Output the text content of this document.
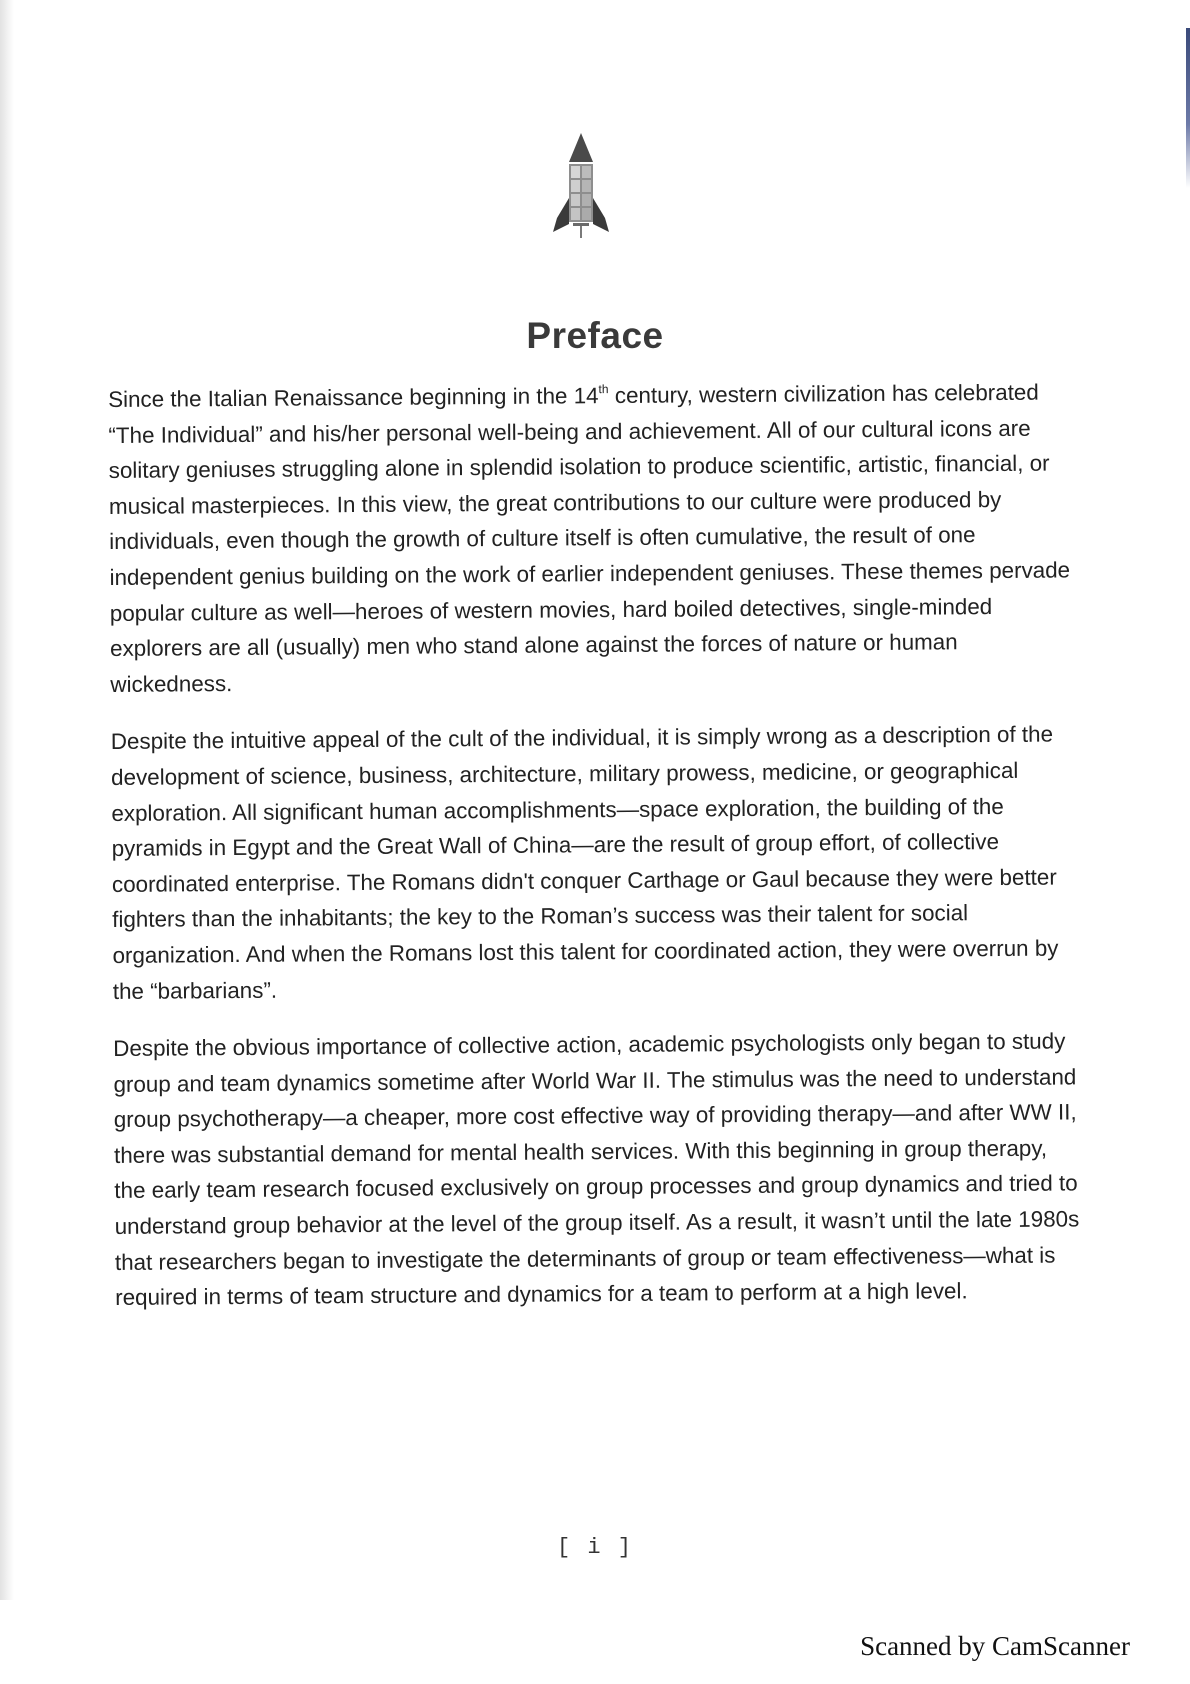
Preface

Since the Italian Renaissance beginning in the 14th century, western civilization has celebrated “The Individual” and his/her personal well-being and achievement. All of our cultural icons are solitary geniuses struggling alone in splendid isolation to produce scientific, artistic, financial, or musical masterpieces. In this view, the great contributions to our culture were produced by individuals, even though the growth of culture itself is often cumulative, the result of one independent genius building on the work of earlier independent geniuses. These themes pervade popular culture as well—heroes of western movies, hard boiled detectives, single-minded explorers are all (usually) men who stand alone against the forces of nature or human wickedness.

Despite the intuitive appeal of the cult of the individual, it is simply wrong as a description of the development of science, business, architecture, military prowess, medicine, or geographical exploration. All significant human accomplishments—space exploration, the building of the pyramids in Egypt and the Great Wall of China—are the result of group effort, of collective coordinated enterprise. The Romans didn't conquer Carthage or Gaul because they were better fighters than the inhabitants; the key to the Roman’s success was their talent for social organization. And when the Romans lost this talent for coordinated action, they were overrun by the “barbarians”.

Despite the obvious importance of collective action, academic psychologists only began to study group and team dynamics sometime after World War II. The stimulus was the need to understand group psychotherapy—a cheaper, more cost effective way of providing therapy—and after WW II, there was substantial demand for mental health services. With this beginning in group therapy, the early team research focused exclusively on group processes and group dynamics and tried to understand group behavior at the level of the group itself. As a result, it wasn’t until the late 1980s that researchers began to investigate the determinants of group or team effectiveness—what is required in terms of team structure and dynamics for a team to perform at a high level.

[ i ]
Scanned by CamScanner
